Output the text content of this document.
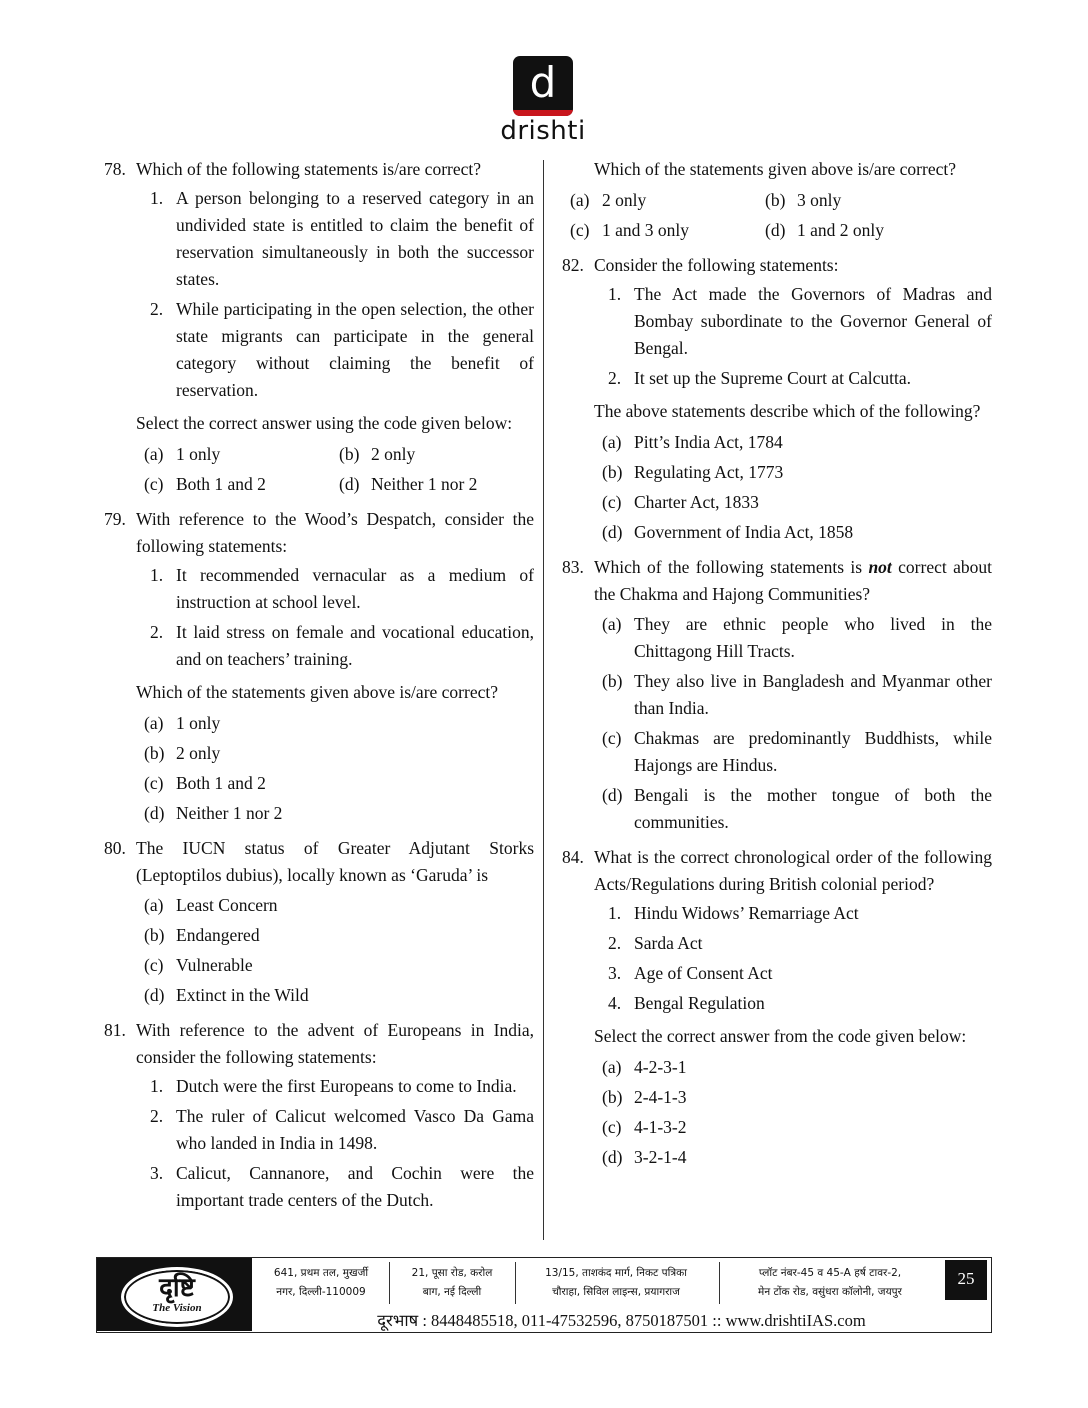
d
drishti
78. Which of the following statements is/are correct?
1. A person belonging to a reserved category in an undivided state is entitled to claim the benefit of reservation simultaneously in both the successor states.
2. While participating in the open selection, the other state migrants can participate in the general category without claiming the benefit of reservation.
Select the correct answer using the code given below:
(a) 1 only	(b) 2 only
(c) Both 1 and 2	(d) Neither 1 nor 2
79. With reference to the Wood’s Despatch, consider the following statements:
1. It recommended vernacular as a medium of instruction at school level.
2. It laid stress on female and vocational education, and on teachers’ training.
Which of the statements given above is/are correct?
(a) 1 only
(b) 2 only
(c) Both 1 and 2
(d) Neither 1 nor 2
80. The IUCN status of Greater Adjutant Storks (Leptoptilos dubius), locally known as ‘Garuda’ is
(a) Least Concern
(b) Endangered
(c) Vulnerable
(d) Extinct in the Wild
81. With reference to the advent of Europeans in India, consider the following statements:
1. Dutch were the first Europeans to come to India.
2. The ruler of Calicut welcomed Vasco Da Gama who landed in India in 1498.
3. Calicut, Cannanore, and Cochin were the important trade centers of the Dutch.
Which of the statements given above is/are correct?
(a) 2 only	(b) 3 only
(c) 1 and 3 only	(d) 1 and 2 only
82. Consider the following statements:
1. The Act made the Governors of Madras and Bombay subordinate to the Governor General of Bengal.
2. It set up the Supreme Court at Calcutta.
The above statements describe which of the following?
(a) Pitt’s India Act, 1784
(b) Regulating Act, 1773
(c) Charter Act, 1833
(d) Government of India Act, 1858
83. Which of the following statements is not correct about the Chakma and Hajong Communities?
(a) They are ethnic people who lived in the Chittagong Hill Tracts.
(b) They also live in Bangladesh and Myanmar other than India.
(c) Chakmas are predominantly Buddhists, while Hajongs are Hindus.
(d) Bengali is the mother tongue of both the communities.
84. What is the correct chronological order of the following Acts/Regulations during British colonial period?
1. Hindu Widows’ Remarriage Act
2. Sarda Act
3. Age of Consent Act
4. Bengal Regulation
Select the correct answer from the code given below:
(a) 4-2-3-1
(b) 2-4-1-3
(c) 4-1-3-2
(d) 3-2-1-4
दृष्टि
The Vision
641, प्रथम तल, मुखर्जी
नगर, दिल्ली-110009
21, पूसा रोड, करोल
बाग, नई दिल्ली
13/15, ताशकंद मार्ग, निकट पत्रिका
चौराहा, सिविल लाइन्स, प्रयागराज
प्लॉट नंबर-45 व 45-A हर्ष टावर-2,
मेन टोंक रोड, वसुंधरा कॉलोनी, जयपुर
25
दूरभाष : 8448485518, 011-47532596, 8750187501 :: www.drishtiIAS.com
